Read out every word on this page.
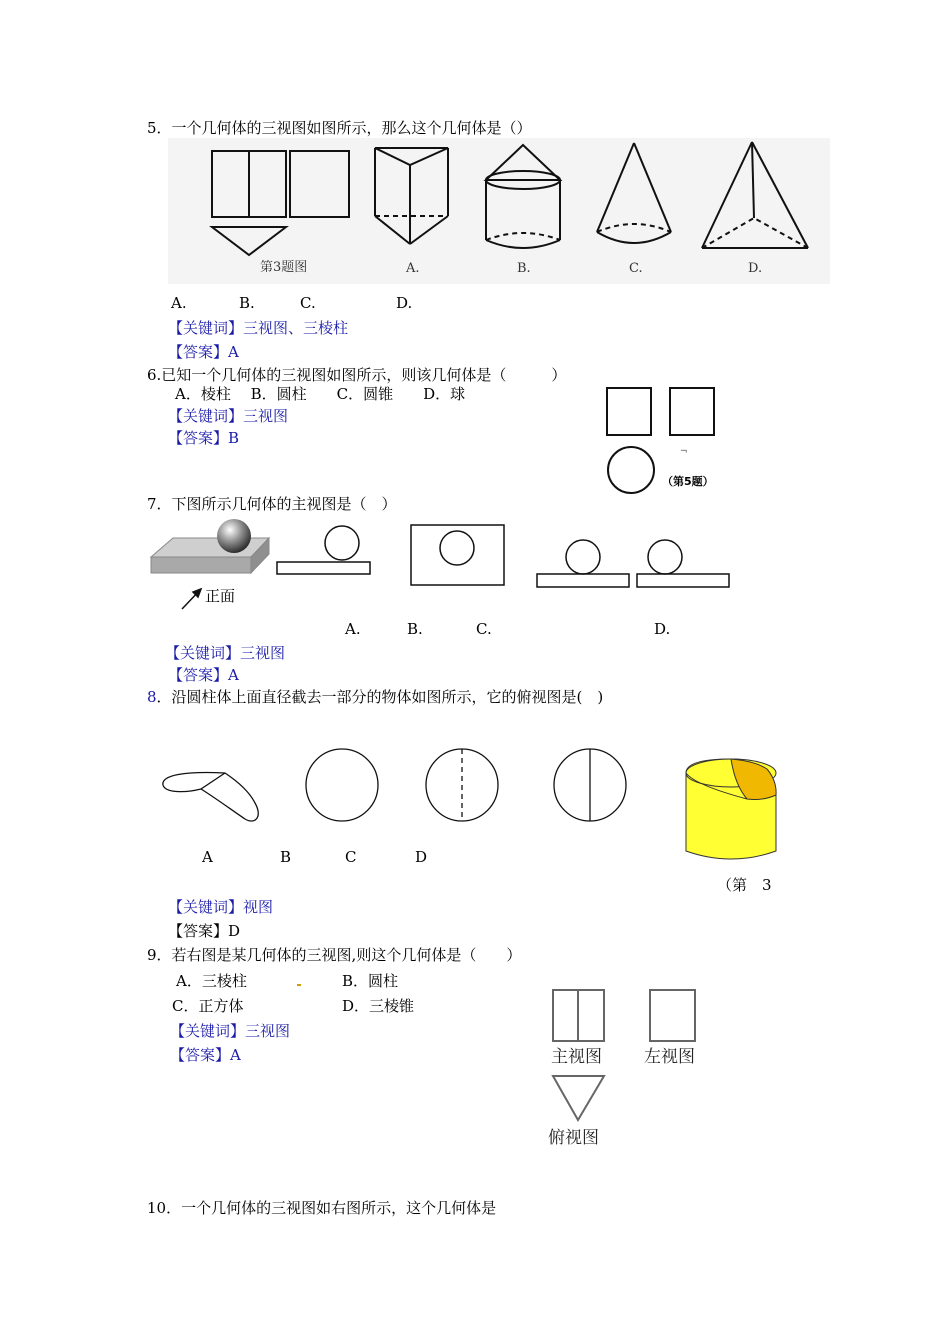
5．一个几何体的三视图如图所示，那么这个几何体是（）
第3题图	A.	B.	C.	D.
A.	B.	C.	D.
【关键词】三视图、三棱柱
【答案】A
6.已知一个几何体的三视图如图所示，则该几何体是（　　　）
A．棱柱　 B．圆柱　　C．圆锥　　D．球
【关键词】三视图
【答案】B
¬
（第5题）
7．下图所示几何体的主视图是（　）
正面
A.	B.	C.	D.
【关键词】三视图
【答案】A
8．沿圆柱体上面直径截去一部分的物体如图所示，它的俯视图是(　)
A	B	C	D
（第　3
【关键词】视图
【答案】D
9．若右图是某几何体的三视图,则这个几何体是（　　）
A．三棱柱	B．圆柱
C．正方体	D．三棱锥
【关键词】三视图
【答案】A	主视图 左视图
俯视图
10．一个几何体的三视图如右图所示，这个几何体是
